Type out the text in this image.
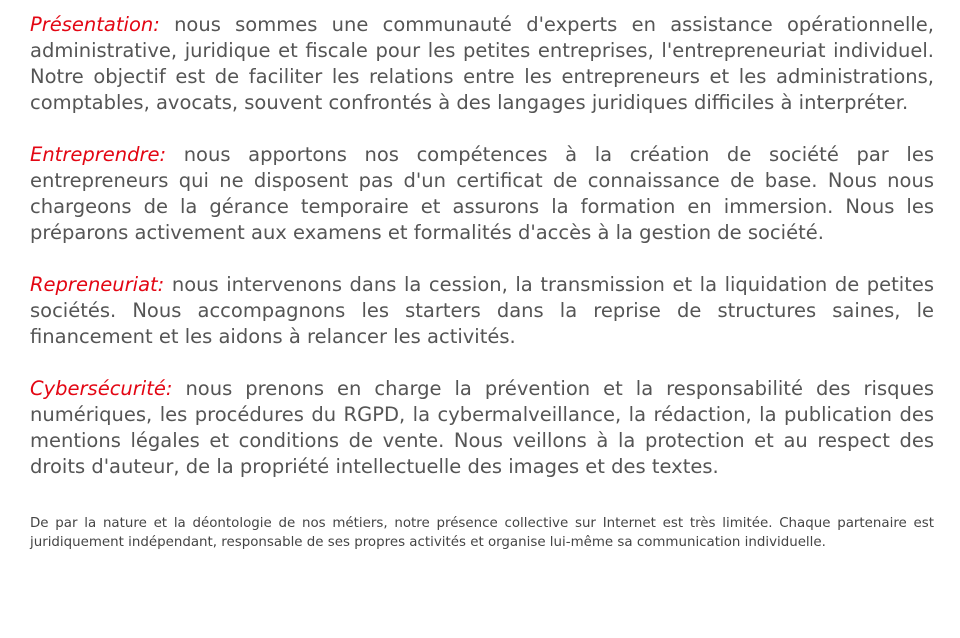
Présentation: nous sommes une communauté d'experts en assistance opérationnelle, administrative, juridique et fiscale pour les petites entreprises, l'entrepreneuriat individuel. Notre objectif est de faciliter les relations entre les entrepreneurs et les administrations, comptables, avocats, souvent confrontés à des langages juridiques difficiles à interpréter.

Entreprendre: nous apportons nos compétences à la création de société par les entrepreneurs qui ne disposent pas d'un certificat de connaissance de base. Nous nous chargeons de la gérance temporaire et assurons la formation en immersion. Nous les préparons activement aux examens et formalités d'accès à la gestion de société.

Repreneuriat: nous intervenons dans la cession, la transmission et la liquidation de petites sociétés. Nous accompagnons les starters dans la reprise de structures saines, le financement et les aidons à relancer les activités.

Cybersécurité: nous prenons en charge la prévention et la responsabilité des risques numériques, les procédures du RGPD, la cybermalveillance, la rédaction, la publication des mentions légales et conditions de vente. Nous veillons à la protection et au respect des droits d'auteur, de la propriété intellectuelle des images et des textes.

De par la nature et la déontologie de nos métiers, notre présence collective sur Internet est très limitée. Chaque partenaire est juridiquement indépendant, responsable de ses propres activités et organise lui-même sa communication individuelle.
